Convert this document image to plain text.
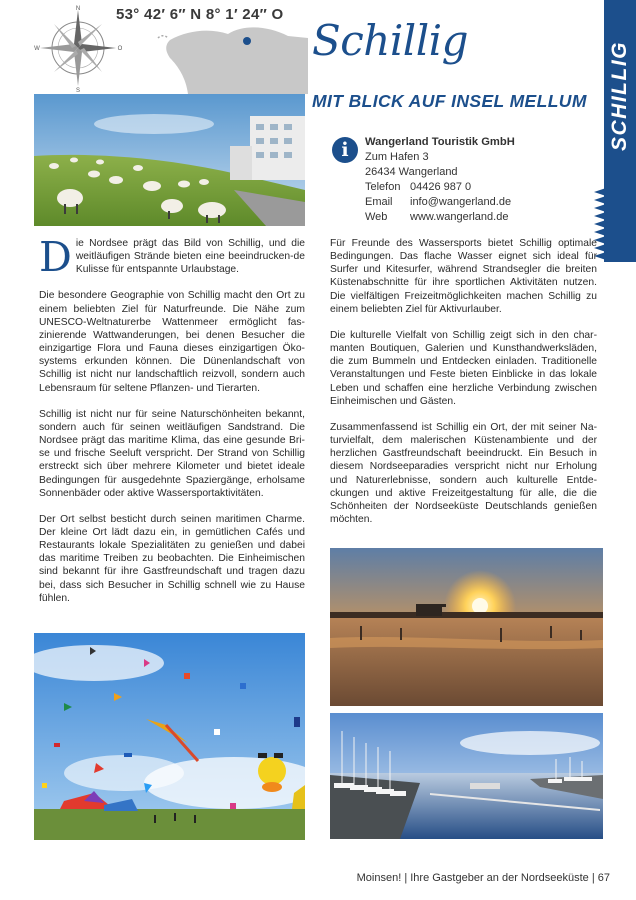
N
S
W	O
53° 42′ 6″ N 8° 1′ 24″ O
Schillig
MIT BLICK AUF INSEL MELLUM SCHILLIG
i	Wangerland Touristik GmbH
Zum Hafen 3
26434 Wangerland
Telefon 04426 987 0
Email	info@wangerland.de
Web	www.wangerland.de

Die Nordsee prägt das Bild von Schillig, und die weitläufigen Strände bieten eine beeindrucken-de Kulisse für entspannte Urlaubstage.

Die besondere Geographie von Schillig macht den Ort zu einem beliebten Ziel für Naturfreunde. Die Nähe zum UNESCO-Weltnaturerbe Wattenmeer ermöglicht fas-zinierende Wattwanderungen, bei denen Besucher die einzigartige Flora und Fauna dieses einzigartigen Öko-systems erkunden können. Die Dünenlandschaft von Schillig ist nicht nur landschaftlich reizvoll, sondern auch Lebensraum für seltene Pflanzen- und Tierarten.

Schillig ist nicht nur für seine Naturschönheiten bekannt, sondern auch für seinen weitläufigen Sandstrand. Die Nordsee prägt das maritime Klima, das eine gesunde Bri-se und frische Seeluft verspricht. Der Strand von Schillig erstreckt sich über mehrere Kilometer und bietet ideale Bedingungen für ausgedehnte Spaziergänge, erholsame Sonnenbäder oder aktive Wassersportaktivitäten.

Der Ort selbst besticht durch seinen maritimen Charme. Der kleine Ort lädt dazu ein, in gemütlichen Cafés und Restaurants lokale Spezialitäten zu genießen und dabei das maritime Treiben zu beobachten. Die Einheimischen sind bekannt für ihre Gastfreundschaft und tragen dazu bei, dass sich Besucher in Schillig schnell wie zu Hause fühlen.

Für Freunde des Wassersports bietet Schillig optimale Bedingungen. Das flache Wasser eignet sich ideal für Surfer und Kitesurfer, während Strandsegler die breiten Küstenabschnitte für ihre sportlichen Aktivitäten nutzen. Die vielfältigen Freizeitmöglichkeiten machen Schillig zu einem beliebten Ziel für Aktivurlauber.

Die kulturelle Vielfalt von Schillig zeigt sich in den char-manten Boutiquen, Galerien und Kunsthandwerksläden, die zum Bummeln und Entdecken einladen. Traditionelle Veranstaltungen und Feste bieten Einblicke in das lokale Leben und schaffen eine herzliche Verbindung zwischen Einheimischen und Gästen.

Zusammenfassend ist Schillig ein Ort, der mit seiner Na-turvielfalt, dem malerischen Küstenambiente und der herzlichen Gastfreundschaft beeindruckt. Ein Besuch in diesem Nordseeparadies verspricht nicht nur Erholung und Naturerlebnisse, sondern auch kulturelle Entde-ckungen und aktive Freizeitgestaltung für alle, die die Schönheiten der Nordseeküste Deutschlands genießen möchten.

Moinsen! | Ihre Gastgeber an der Nordseeküste | 67
